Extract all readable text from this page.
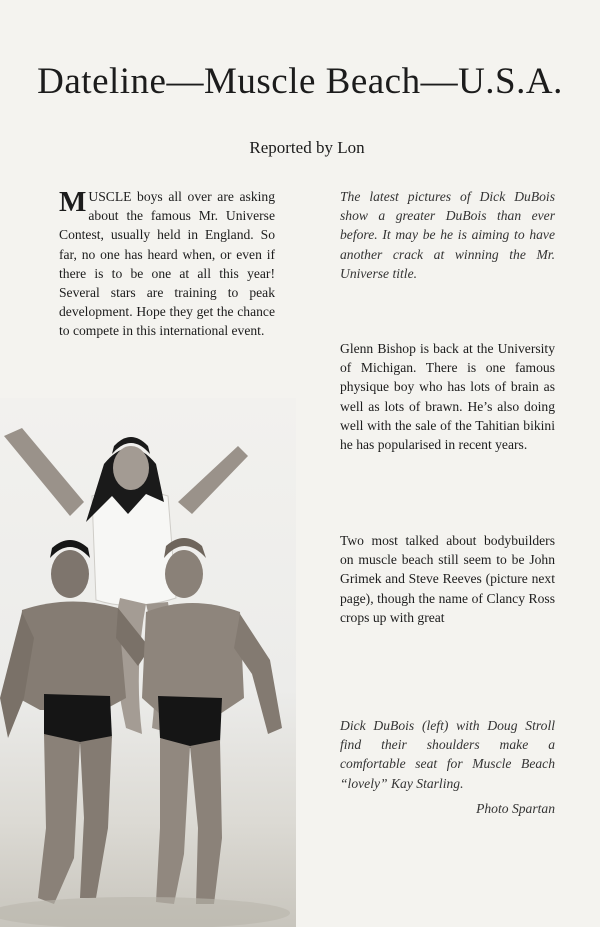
Dateline—Muscle Beach—U.S.A.
Reported by Lon

MUSCLE boys all over are asking about the famous Mr. Universe Contest, usually held in England. So far, no one has heard when, or even if there is to be one at all this year! Several stars are training to peak development. Hope they get the chance to compete in this international event.

The latest pictures of Dick DuBois show a greater DuBois than ever before. It may be he is aiming to have another crack at winning the Mr. Universe title.
Glenn Bishop is back at the University of Michigan. There is one famous physique boy who has lots of brain as well as lots of brawn. He’s also doing well with the sale of the Tahitian bikini he has popularised in recent years.
Two most talked about bodybuilders on muscle beach still seem to be John Grimek and Steve Reeves (picture next page), though the name of Clancy Ross crops up with great
Dick DuBois (left) with Doug Stroll find their shoulders make a comfortable seat for Muscle Beach “lovely” Kay Starling.
Photo Spartan
